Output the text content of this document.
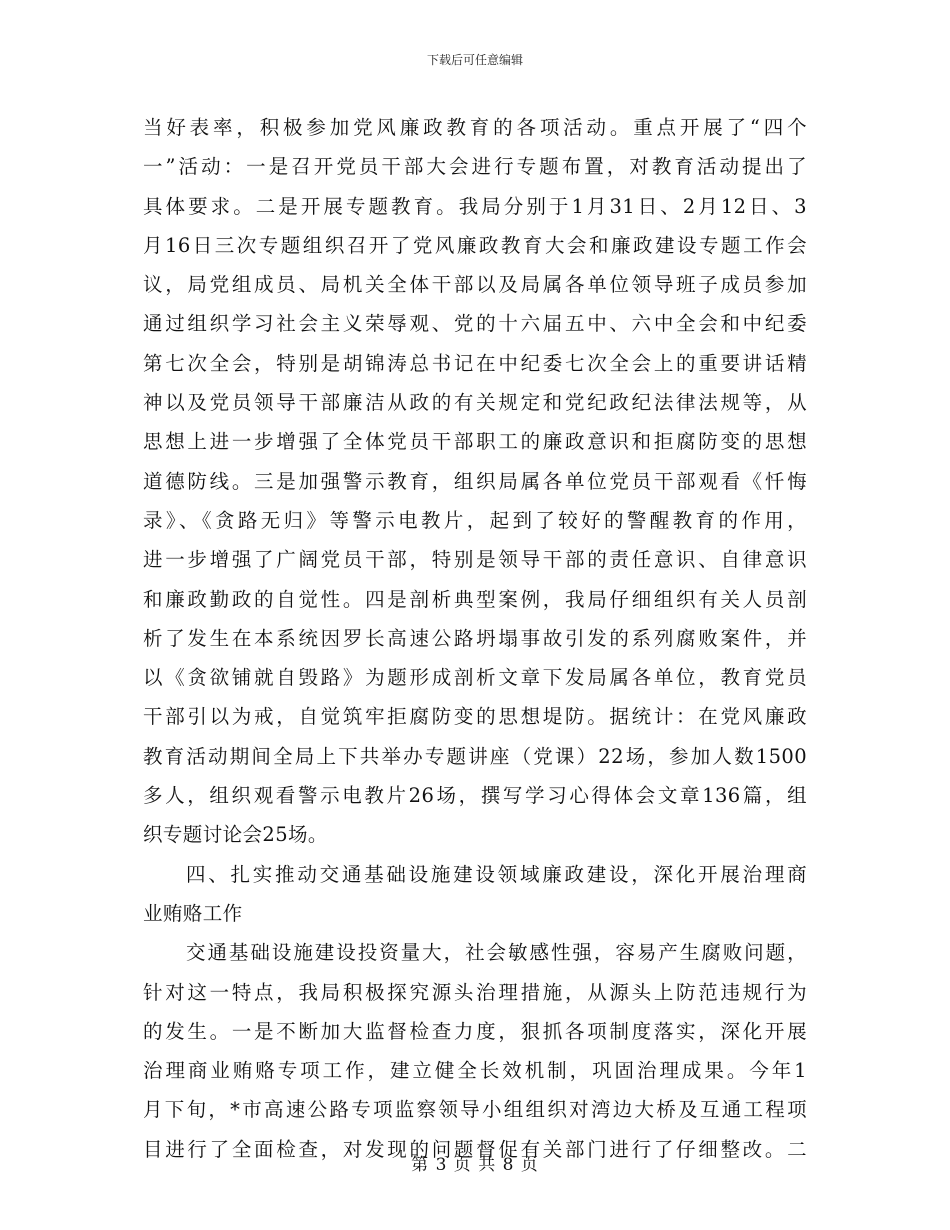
下载后可任意编辑
当好表率，积极参加党风廉政教育的各项活动。重点开展了“四个
一”活动：一是召开党员干部大会进行专题布置，对教育活动提出了
具体要求。二是开展专题教育。我局分别于1月31日、2月12日、3
月16日三次专题组织召开了党风廉政教育大会和廉政建设专题工作会
议，局党组成员、局机关全体干部以及局属各单位领导班子成员参加
通过组织学习社会主义荣辱观、党的十六届五中、六中全会和中纪委
第七次全会，特别是胡锦涛总书记在中纪委七次全会上的重要讲话精
神以及党员领导干部廉洁从政的有关规定和党纪政纪法律法规等，从
思想上进一步增强了全体党员干部职工的廉政意识和拒腐防变的思想
道德防线。三是加强警示教育，组织局属各单位党员干部观看《忏悔
录》、《贪路无归》等警示电教片，起到了较好的警醒教育的作用，
进一步增强了广阔党员干部，特别是领导干部的责任意识、自律意识
和廉政勤政的自觉性。四是剖析典型案例，我局仔细组织有关人员剖
析了发生在本系统因罗长高速公路坍塌事故引发的系列腐败案件，并
以《贪欲铺就自毁路》为题形成剖析文章下发局属各单位，教育党员
干部引以为戒，自觉筑牢拒腐防变的思想堤防。据统计：在党风廉政
教育活动期间全局上下共举办专题讲座（党课）22场，参加人数1500
多人，组织观看警示电教片26场，撰写学习心得体会文章136篇，组
织专题讨论会25场。
四、扎实推动交通基础设施建设领域廉政建设，深化开展治理商
业贿赂工作
交通基础设施建设投资量大，社会敏感性强，容易产生腐败问题，
针对这一特点，我局积极探究源头治理措施，从源头上防范违规行为
的发生。一是不断加大监督检查力度，狠抓各项制度落实，深化开展
治理商业贿赂专项工作，建立健全长效机制，巩固治理成果。今年1
月下旬，*市高速公路专项监察领导小组组织对湾边大桥及互通工程项
目进行了全面检查，对发现的问题督促有关部门进行了仔细整改。二
第 3 页 共 8 页
